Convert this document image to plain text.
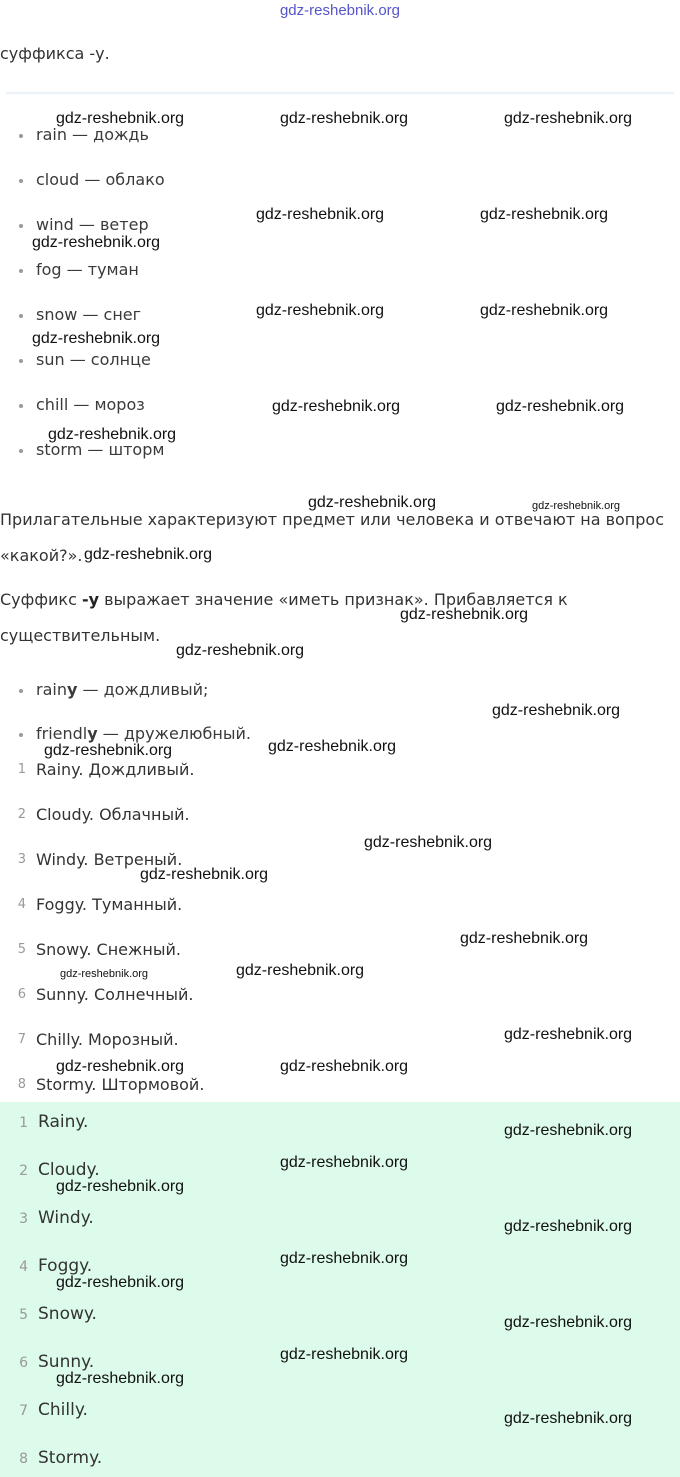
gdz-reshebnik.org
суффикса -у.
rain — дождь
cloud — облако
wind — ветер
fog — туман
snow — снег
sun — солнце
chill — мороз
storm — шторм
Прилагательные характеризуют предмет или человека и отвечают на вопрос
«какой?».
Суффикс -y выражает значение «иметь признак». Прибавляется к
существительным.
rainy — дождливый;
friendly — дружелюбный.
1 Rainy. Дождливый.
2 Cloudy. Облачный.
3 Windy. Ветреный.
4 Foggy. Туманный.
5 Snowy. Снежный.
6 Sunny. Солнечный.
7 Chilly. Морозный.
8 Stormy. Штормовой.
1 Rainy.
2 Cloudy.
3 Windy.
4 Foggy.
5 Snowy.
6 Sunny.
7 Chilly.
8 Stormy.
gdz-reshebnik.org	gdz-reshebnik.org	gdz-reshebnik.org
gdz-reshebnik.org	gdz-reshebnik.org
gdz-reshebnik.org
gdz-reshebnik.org	gdz-reshebnik.org
gdz-reshebnik.org
gdz-reshebnik.org	gdz-reshebnik.org
gdz-reshebnik.org
gdz-reshebnik.org	gdz-reshebnik.org
gdz-reshebnik.org
gdz-reshebnik.org
gdz-reshebnik.org
gdz-reshebnik.org
gdz-reshebnik.org
gdz-reshebnik.org
gdz-reshebnik.org
gdz-reshebnik.org
gdz-reshebnik.org
gdz-reshebnik.org	gdz-reshebnik.org
gdz-reshebnik.org
gdz-reshebnik.org	gdz-reshebnik.org
gdz-reshebnik.org
gdz-reshebnik.org
gdz-reshebnik.org
gdz-reshebnik.org
gdz-reshebnik.org
gdz-reshebnik.org
gdz-reshebnik.org
gdz-reshebnik.org
gdz-reshebnik.org
gdz-reshebnik.org
